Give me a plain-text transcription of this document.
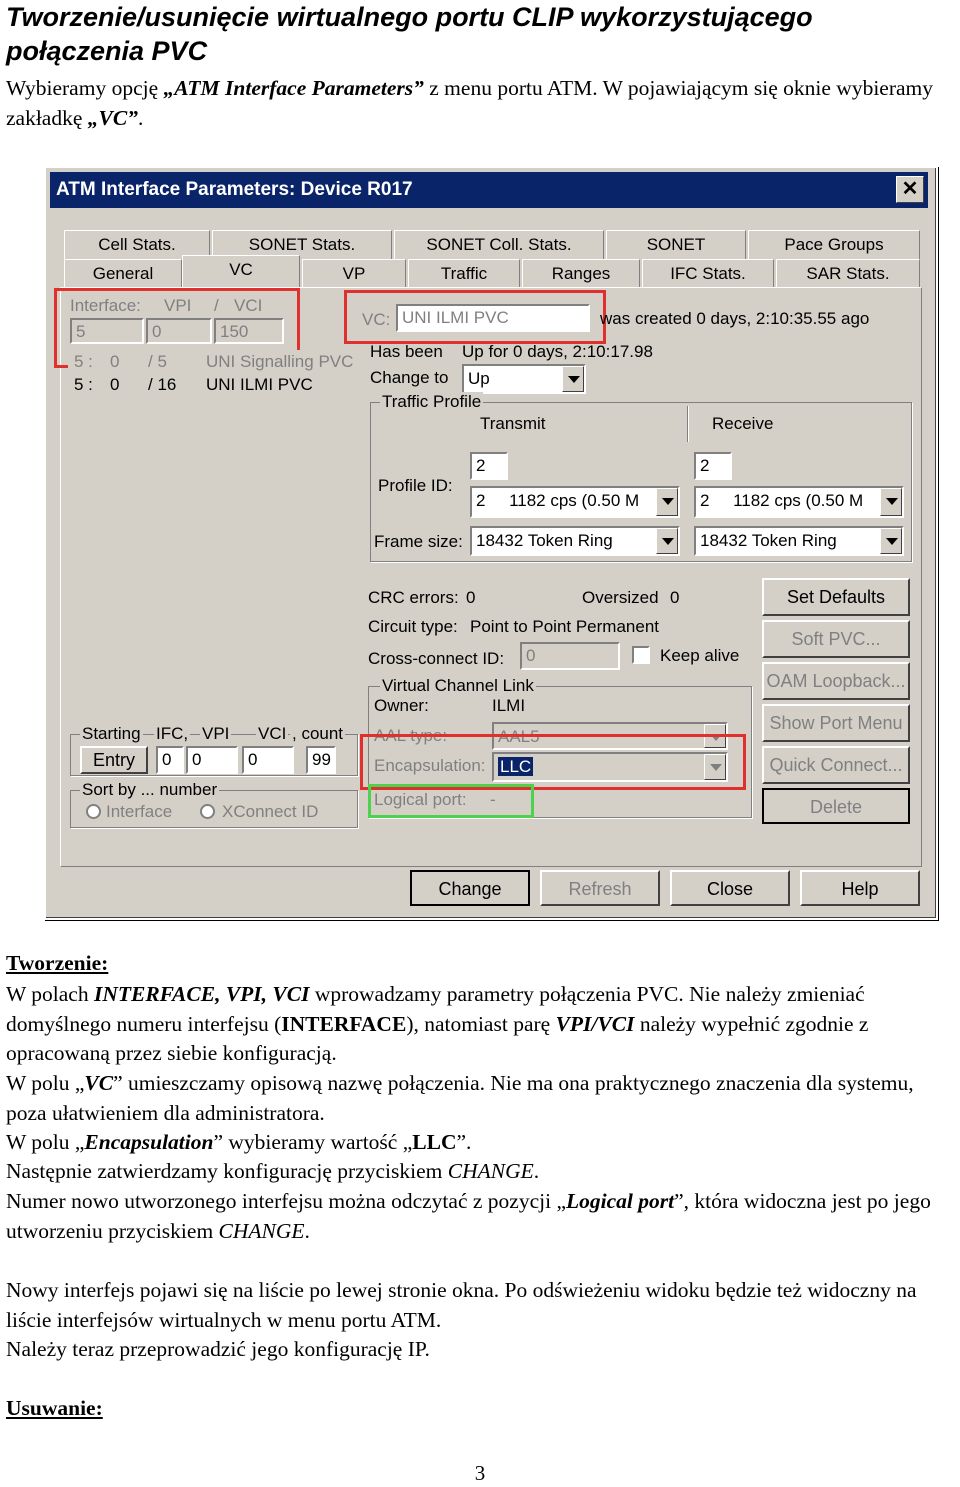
Tworzenie/usunięcie wirtualnego portu CLIP wykorzystującego połączenia PVC
Wybieramy opcję „ATM Interface Parameters” z menu portu ATM. W pojawiającym się oknie wybieramy zakładkę „VC”.
ATM Interface Parameters: Device R017	✕
Cell Stats.	SONET Stats.	SONET Coll. Stats.	SONET	Pace Groups
General	VC	VP	Traffic	Ranges	IFC Stats.	SAR Stats.
Interface: VPI / VCI
5	0	150
5 : 0 / 5 UNI Signalling PVC
5 : 0 / 16 UNI ILMI PVC
VC: UNI ILMI PVC	was created 0 days, 2:10:35.55 ago
Has been Up for 0 days, 2:10:17.98
Change to	Up
Traffic Profile
Transmit	Receive
Profile ID:
2	2
2     1182 cps (0.50 M	2     1182 cps (0.50 M
Frame size: 18432 Token Ring	18432 Token Ring
CRC errors: 0	Oversized 0
Circuit type: Point to Point Permanent
Cross-connect ID:	0	Keep alive
Virtual Channel Link
Owner:	ILMI
AAL type:	AAL5
Encapsulation: LLC
Logical port: -
Set Defaults
Soft PVC...
OAM Loopback...
Show Port Menu
Quick Connect...
Delete
Starting IFC, VPI VCI , count
Entry	0	0	0	99
Sort by ... number
Interface	XConnect ID
Change	Refresh	Close	Help
Tworzenie:
W polach INTERFACE, VPI, VCI wprowadzamy parametry połączenia PVC. Nie należy zmieniać domyślnego numeru interfejsu (INTERFACE), natomiast parę VPI/VCI należy wypełnić zgodnie z opracowaną przez siebie konfiguracją.
W polu „VC” umieszczamy opisową nazwę połączenia. Nie ma ona praktycznego znaczenia dla systemu, poza ułatwieniem dla administratora.
W polu „Encapsulation” wybieramy wartość „LLC”.
Następnie zatwierdzamy konfigurację przyciskiem CHANGE.
Numer nowo utworzonego interfejsu można odczytać z pozycji „Logical port”, która widoczna jest po jego utworzeniu przyciskiem CHANGE.
Nowy interfejs pojawi się na liście po lewej stronie okna. Po odświeżeniu widoku będzie też widoczny na liście interfejsów wirtualnych w menu portu ATM.
Należy teraz przeprowadzić jego konfigurację IP.
Usuwanie:
3
